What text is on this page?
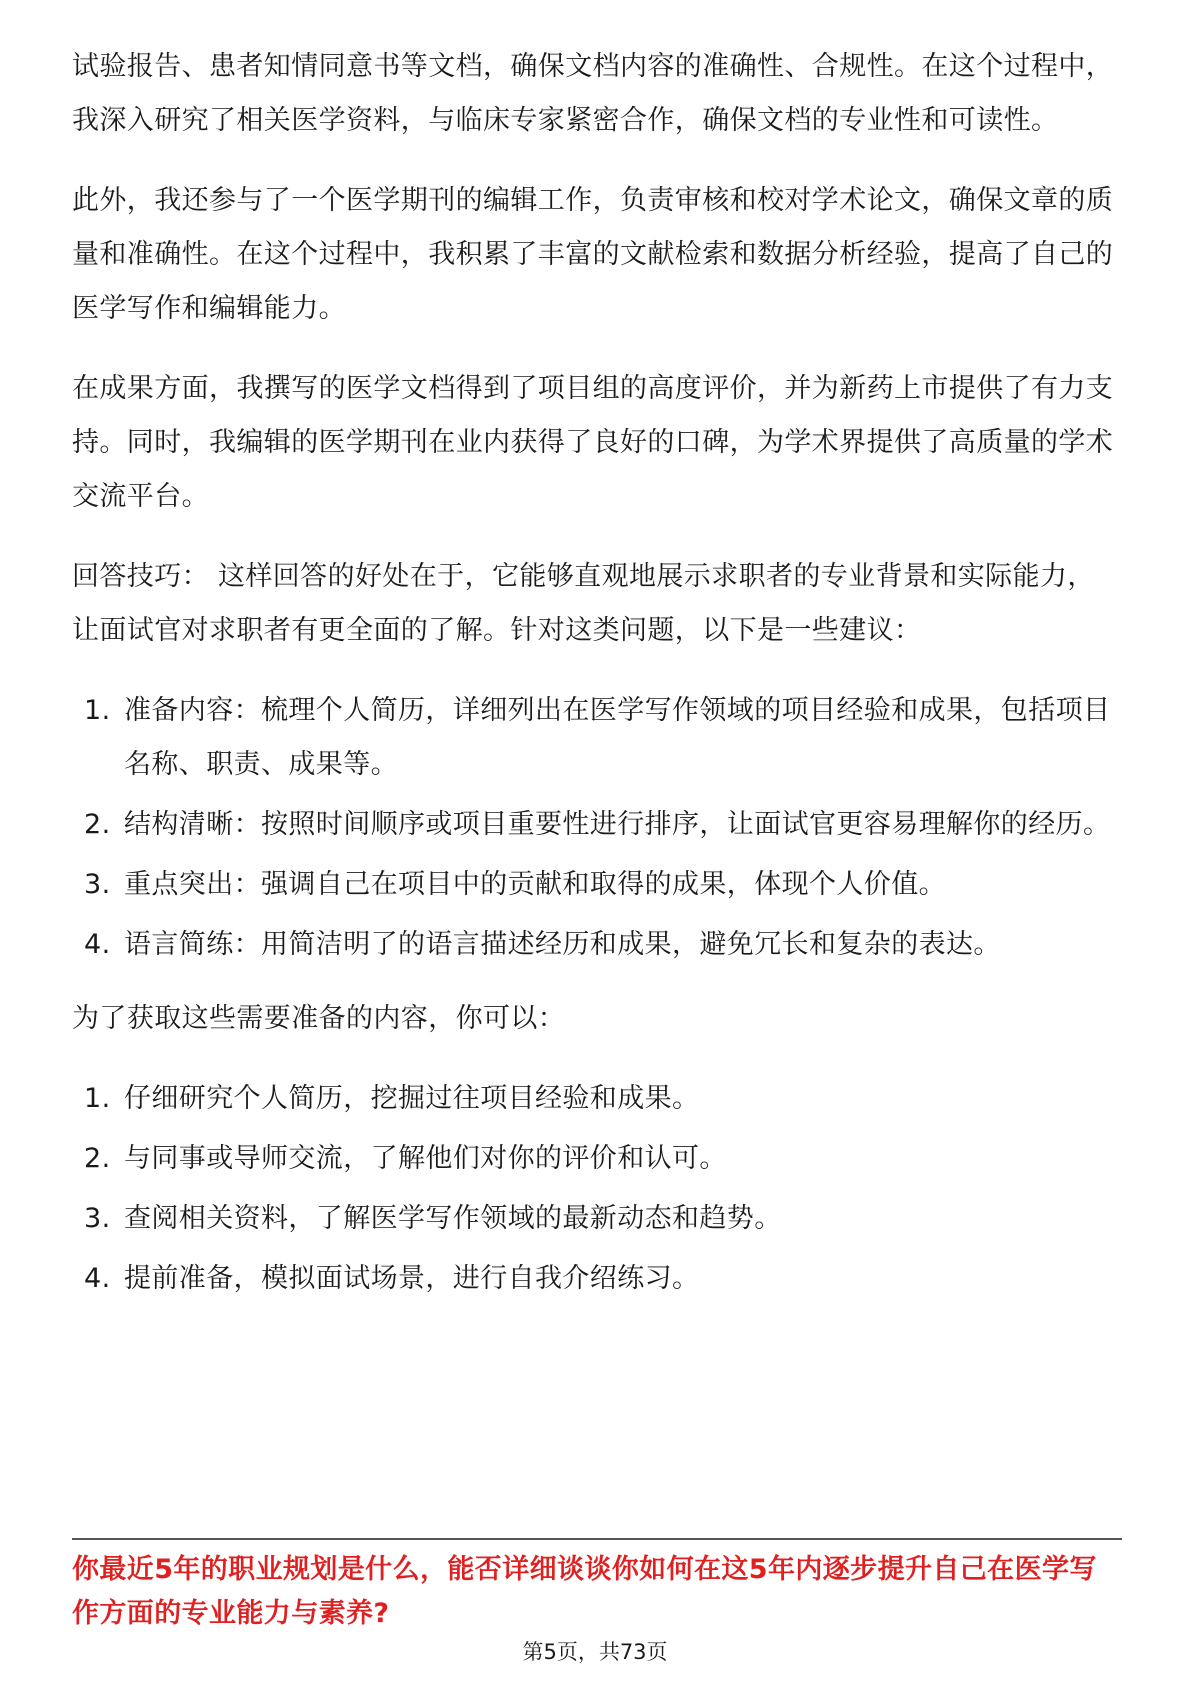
试验报告、患者知情同意书等文档，确保文档内容的准确性、合规性。在这个过程中，我深入研究了相关医学资料，与临床专家紧密合作，确保文档的专业性和可读性。

此外，我还参与了一个医学期刊的编辑工作，负责审核和校对学术论文，确保文章的质量和准确性。在这个过程中，我积累了丰富的文献检索和数据分析经验，提高了自己的医学写作和编辑能力。

在成果方面，我撰写的医学文档得到了项目组的高度评价，并为新药上市提供了有力支持。同时，我编辑的医学期刊在业内获得了良好的口碑，为学术界提供了高质量的学术交流平台。

回答技巧： 这样回答的好处在于，它能够直观地展示求职者的专业背景和实际能力，让面试官对求职者有更全面的了解。针对这类问题，以下是一些建议：

1. 准备内容：梳理个人简历，详细列出在医学写作领域的项目经验和成果，包括项目名称、职责、成果等。
2. 结构清晰：按照时间顺序或项目重要性进行排序，让面试官更容易理解你的经历。
3. 重点突出：强调自己在项目中的贡献和取得的成果，体现个人价值。
4. 语言简练：用简洁明了的语言描述经历和成果，避免冗长和复杂的表达。

为了获取这些需要准备的内容，你可以：

1. 仔细研究个人简历，挖掘过往项目经验和成果。
2. 与同事或导师交流，了解他们对你的评价和认可。
3. 查阅相关资料，了解医学写作领域的最新动态和趋势。
4. 提前准备，模拟面试场景，进行自我介绍练习。
你最近5年的职业规划是什么，能否详细谈谈你如何在这5年内逐步提升自己在医学写作方面的专业能力与素养?
第5页，共73页
